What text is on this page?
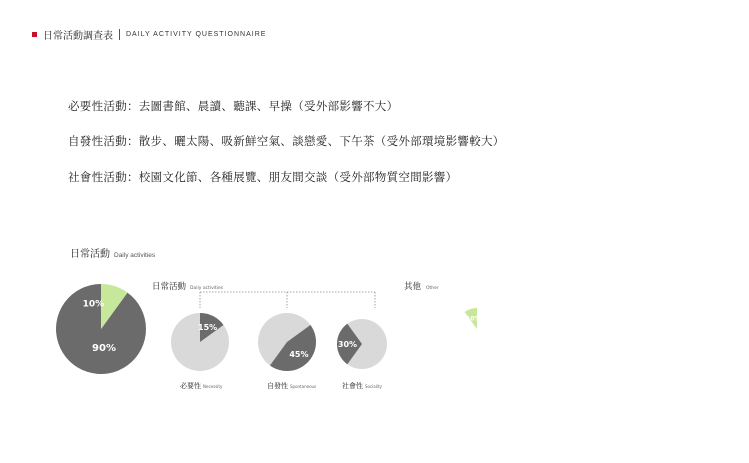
日常活動調查表 DAILY ACTIVITY QUESTIONNAIRE
必要性活動：去圖書館、晨讀、聽課、早操（受外部影響不大）
自發性活動：散步、曬太陽、吸新鮮空氣、談戀愛、下午茶（受外部環境影響較大）
社會性活動：校園文化節、各種展覽、朋友間交談（受外部物質空間影響）
日常活動 Daily activities
90%
10%
日常活動 Daily activities	其他 Other
15%
必要性 Necessity
45%
自發性 Spontaneous
30%
社會性 Sociality
10%
